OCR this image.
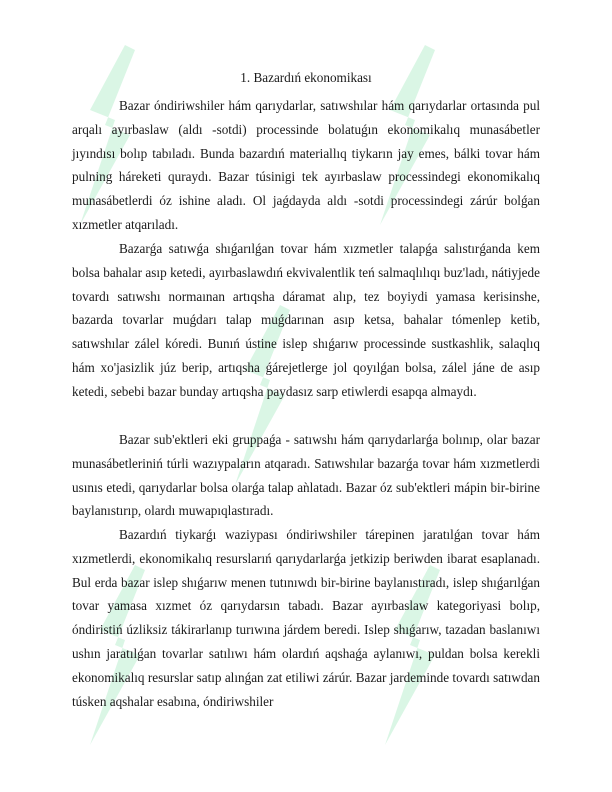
1. Bazardıń ekonomikası

Bazar óndiriwshiler hám qarıydarlar, satıwshılar hám qarıydarlar ortasında pul arqalı ayırbaslaw (aldı -sotdi) processinde bolatuǵın ekonomikalıq munasábetler jıyındısı bolıp tabıladı. Bunda bazardıń materiallıq tiykarın jay emes, bálki tovar hám pulning háreketi quraydı. Bazar túsinigi tek ayırbaslaw processindegi ekonomikalıq munasábetlerdi óz ishine aladı. Ol jaǵdayda aldı -sotdi processindegi zárúr bolǵan xızmetler atqarıladı.

Bazarǵa satıwǵa shıǵarılǵan tovar hám xızmetler talapǵa salıstırǵanda kem bolsa bahalar asıp ketedi, ayırbaslawdıń ekvivalentlik teń salmaqlılıqı buz'ladı, nátiyjede tovardı satıwshı normaınan artıqsha dáramat alıp, tez boyiydi yamasa kerisinshe, bazarda tovarlar muǵdarı talap muǵdarınan asıp ketsa, bahalar tómenlep ketib, satıwshılar zálel kóredi. Bunıń ústine islep shıǵarıw processinde sustkashlik, salaqlıq hám xo'jasizlik júz berip, artıqsha ǵárejetlerge jol qoyılǵan bolsa, zálel jáne de asıp ketedi, sebebi bazar bunday artıqsha paydasız sarp etiwlerdi esapqa almaydı.

Bazar sub'ektleri eki gruppaǵa - satıwshı hám qarıydarlarǵa bolınıp, olar bazar munasábetleriniń túrli wazıypaların atqaradı. Satıwshılar bazarǵa tovar hám xızmetlerdi usınıs etedi, qarıydarlar bolsa olarǵa talap aǹlatadı. Bazar óz sub'ektleri mápin bir-birine baylanıstırıp, olardı muwapıqlastıradı.

Bazardıń tiykarǵı waziypası óndiriwshiler tárepinen jaratılǵan tovar hám xızmetlerdi, ekonomikalıq resurslarıń qarıydarlarǵa jetkizip beriwden ibarat esaplanadı. Bul erda bazar islep shıǵarıw menen tutınıwdı bir-birine baylanıstıradı, islep shıǵarılǵan tovar yamasa xızmet óz qarıydarsın tabadı. Bazar ayırbaslaw kategoriyasi bolıp, óndiristiń úzliksiz tákirarlanıp turıwına járdem beredi. Islep shıǵarıw, tazadan baslanıwı ushın jaratılǵan tovarlar satılıwı hám olardıń aqshaǵa aylanıwı, puldan bolsa kerekli ekonomikalıq resurslar satıp alınǵan zat etiliwi zárúr. Bazar jardeminde tovardı satıwdan túsken aqshalar esabına, óndiriwshiler
